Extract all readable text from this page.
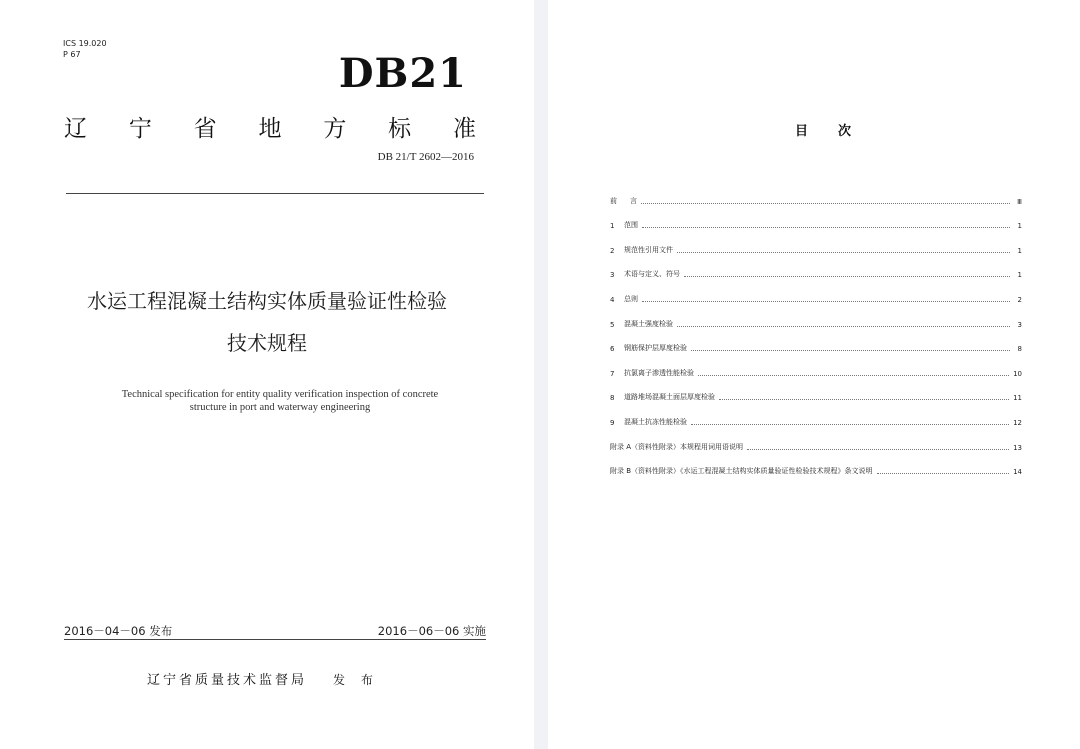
ICS 19.020
P 67	DB21
辽 宁 省 地 方 标 准
DB 21/T 2602—2016
水运工程混凝土结构实体质量验证性检验
技术规程
Technical specification for entity quality verification inspection of concrete
structure in port and waterway engineering
2016－04－06 发布	2016－06－06 实施
辽宁省质量技术监督局 发 布
目次
前	言	Ⅲ
1	范围	1
2	规范性引用文件	1
3	术语与定义、符号	1
4	总则	2
5	混凝土强度检验	3
6	钢筋保护层厚度检验	8
7	抗氯离子渗透性能检验	10
8	道路堆场混凝土面层厚度检验	11
9	混凝土抗冻性能检验	12
附录 A（资料性附录）本规程用词用语说明	13
附录 B（资料性附录）《水运工程混凝土结构实体质量验证性检验技术规程》条文说明	14
